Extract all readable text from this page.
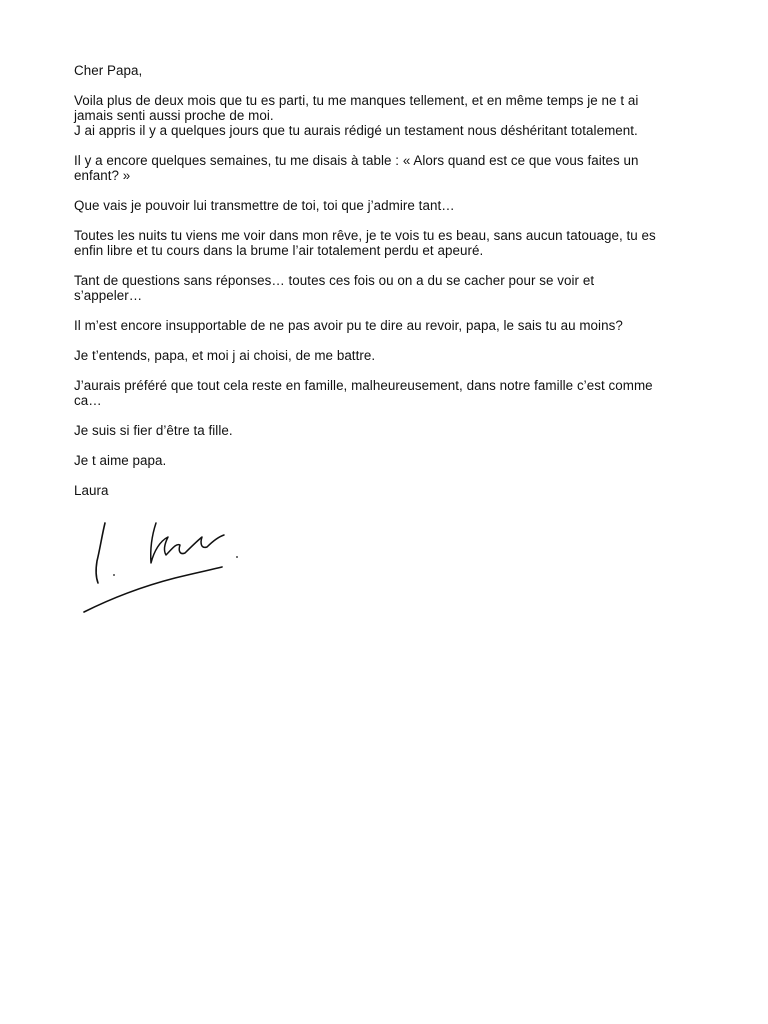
Cher Papa,

Voila plus de deux mois que tu es parti, tu me manques tellement, et en même temps je ne t ai

jamais senti aussi proche de moi.

J ai appris il y a quelques jours que tu aurais rédigé un testament nous déshéritant totalement.

Il y a encore quelques semaines, tu me disais à table : « Alors quand est ce que vous faites un

enfant? »

Que vais je pouvoir lui transmettre de toi, toi que j’admire tant…

Toutes les nuits tu viens me voir dans mon rêve, je te vois tu es beau, sans aucun tatouage, tu es

enfin libre et tu cours dans la brume l’air totalement perdu et apeuré.

Tant de questions sans réponses… toutes ces fois ou on a du se cacher pour se voir et

s’appeler…

Il m’est encore insupportable de ne pas avoir pu te dire au revoir, papa, le sais tu au moins?

Je t’entends, papa, et moi j ai choisi, de me battre.

J’aurais préféré que tout cela reste en famille, malheureusement, dans notre famille c’est comme

ca…

Je suis si fier d’être ta fille.

Je t aime papa.

Laura
